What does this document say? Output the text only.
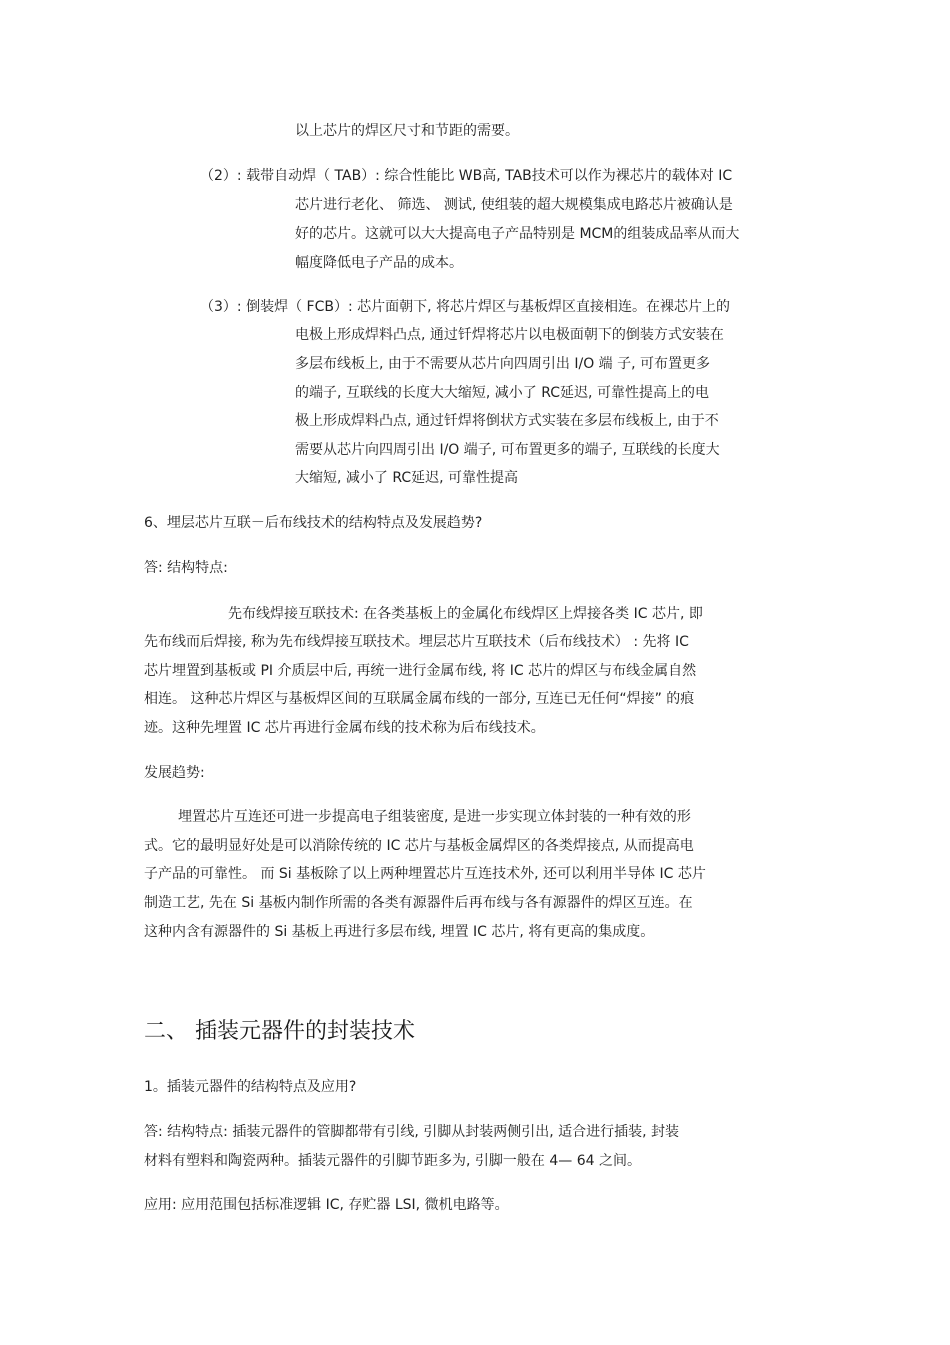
以上芯片的焊区尺寸和节距的需要。
（2）: 载带自动焊（ TAB）: 综合性能比 WB高, TAB技术可以作为裸芯片的载体对 IC
芯片进行老化、 筛选、 测试, 使组装的超大规模集成电路芯片被确认是
好的芯片。这就可以大大提高电子产品特别是 MCM的组装成品率从而大
幅度降低电子产品的成本。
（3）: 倒装焊（ FCB）: 芯片面朝下, 将芯片焊区与基板焊区直接相连。在裸芯片上的
电极上形成焊料凸点, 通过钎焊将芯片以电极面朝下的倒装方式安装在
多层布线板上, 由于不需要从芯片向四周引出 I/O 端 子, 可布置更多
的端子, 互联线的长度大大缩短, 减小了 RC延迟, 可靠性提高上的电
极上形成焊料凸点, 通过钎焊将倒状方式实装在多层布线板上, 由于不
需要从芯片向四周引出 I/O 端子, 可布置更多的端子, 互联线的长度大
大缩短, 减小了 RC延迟, 可靠性提高
6、埋层芯片互联－后布线技术的结构特点及发展趋势?
答: 结构特点:
先布线焊接互联技术: 在各类基板上的金属化布线焊区上焊接各类 IC 芯片, 即
先布线而后焊接, 称为先布线焊接互联技术。埋层芯片互联技术（后布线技术） : 先将 IC
芯片埋置到基板或 PI 介质层中后, 再统一进行金属布线, 将 IC 芯片的焊区与布线金属自然
相连。 这种芯片焊区与基板焊区间的互联属金属布线的一部分, 互连已无任何“焊接” 的痕
迹。这种先埋置 IC 芯片再进行金属布线的技术称为后布线技术。
发展趋势:
埋置芯片互连还可进一步提高电子组装密度, 是进一步实现立体封装的一种有效的形
式。它的最明显好处是可以消除传统的 IC 芯片与基板金属焊区的各类焊接点, 从而提高电
子产品的可靠性。 而 Si 基板除了以上两种埋置芯片互连技术外, 还可以利用半导体 IC 芯片
制造工艺, 先在 Si 基板内制作所需的各类有源器件后再布线与各有源器件的焊区互连。在
这种内含有源器件的 Si 基板上再进行多层布线, 埋置 IC 芯片, 将有更高的集成度。
二、 插装元器件的封装技术
1。插装元器件的结构特点及应用?
答: 结构特点: 插装元器件的管脚都带有引线, 引脚从封装两侧引出, 适合进行插装, 封装
材料有塑料和陶瓷两种。插装元器件的引脚节距多为, 引脚一般在 4— 64 之间。
应用: 应用范围包括标准逻辑 IC, 存贮器 LSI, 微机电路等。
